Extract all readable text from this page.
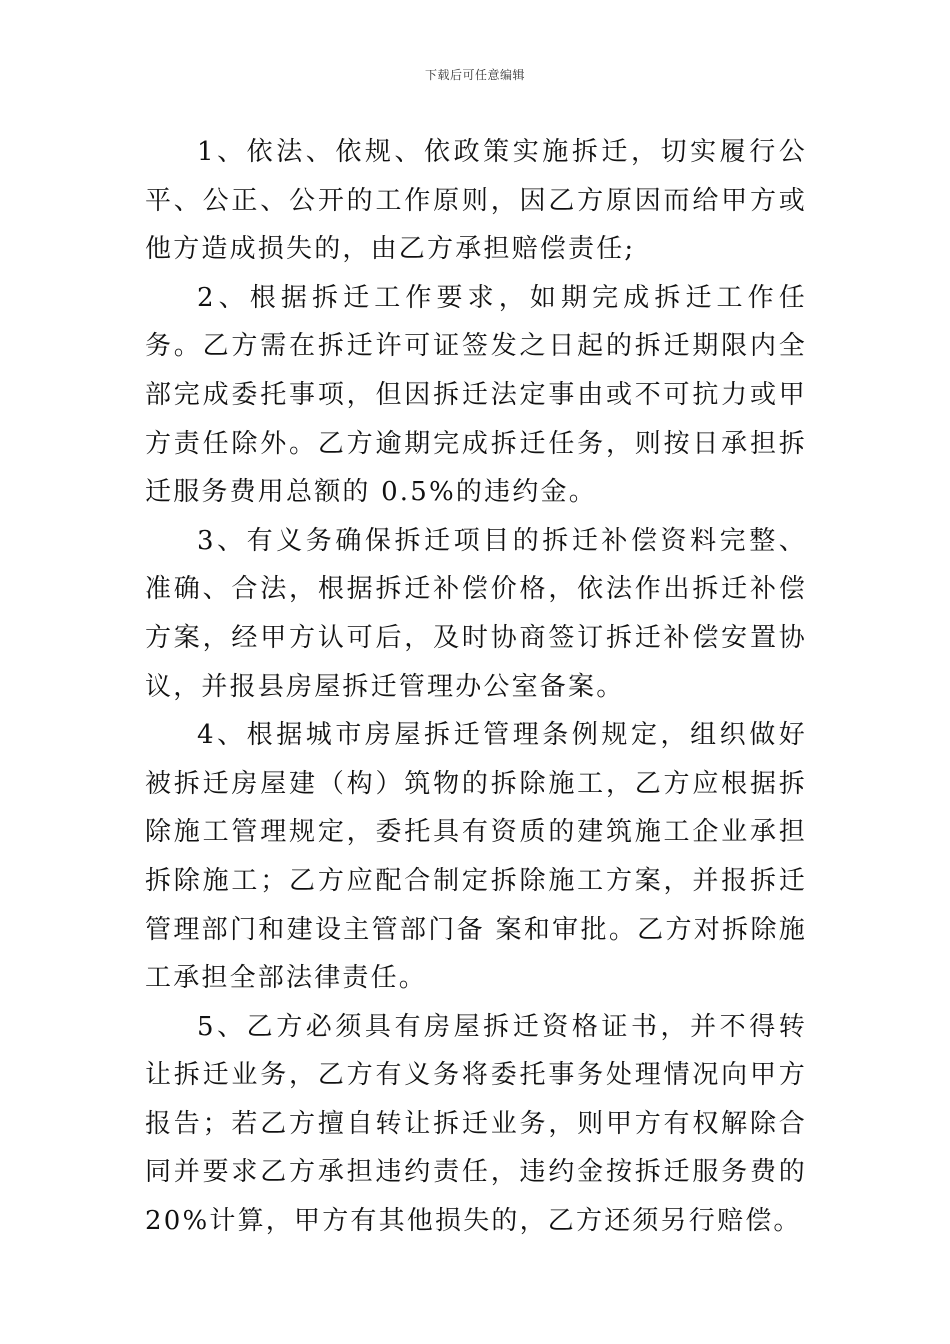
下载后可任意编辑

1、依法、依规、依政策实施拆迁，切实履行公平、公正、公开的工作原则，因乙方原因而给甲方或他方造成损失的，由乙方承担赔偿责任;

2、根据拆迁工作要求，如期完成拆迁工作任务。乙方需在拆迁许可证签发之日起的拆迁期限内全部完成委托事项，但因拆迁法定事由或不可抗力或甲方责任除外。乙方逾期完成拆迁任务，则按日承担拆迁服务费用总额的 0.5%的违约金。

3、有义务确保拆迁项目的拆迁补偿资料完整、准确、合法，根据拆迁补偿价格，依法作出拆迁补偿方案，经甲方认可后，及时协商签订拆迁补偿安置协议，并报县房屋拆迁管理办公室备案。

4、根据城市房屋拆迁管理条例规定，组织做好被拆迁房屋建（构）筑物的拆除施工，乙方应根据拆除施工管理规定，委托具有资质的建筑施工企业承担拆除施工；乙方应配合制定拆除施工方案，并报拆迁管理部门和建设主管部门备 案和审批。乙方对拆除施工承担全部法律责任。

5、乙方必须具有房屋拆迁资格证书，并不得转让拆迁业务，乙方有义务将委托事务处理情况向甲方报告；若乙方擅自转让拆迁业务，则甲方有权解除合同并要求乙方承担违约责任，违约金按拆迁服务费的 20%计算，甲方有其他损失的，乙方还须另行赔偿。
